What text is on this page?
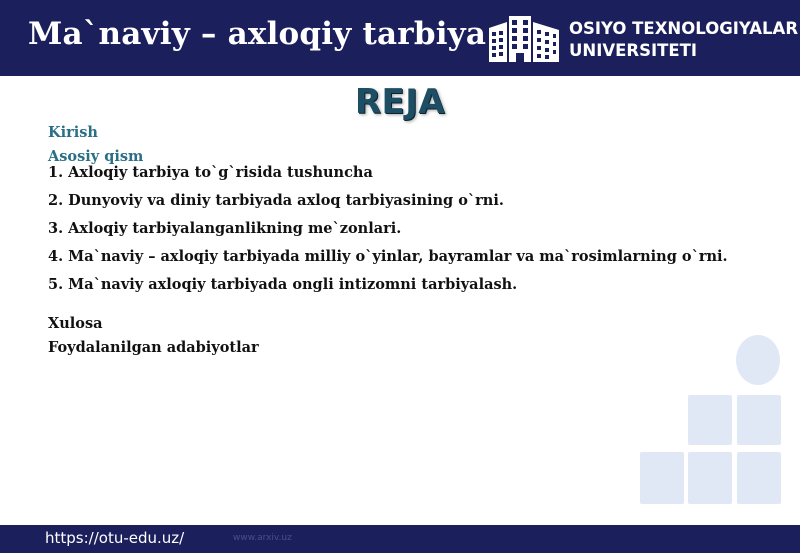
Ma`naviy – axloqiy tarbiya	OSIYO TEXNOLOGIYALAR
UNIVERSITETI
REJA
Kirish
Asosiy qism
1. Axloqiy tarbiya to`g`risida tushuncha
2. Dunyoviy va diniy tarbiyada axloq tarbiyasining o`rni.
3. Axloqiy tarbiyalanganlikning me`zonlari.
4. Ma`naviy – axloqiy tarbiyada milliy o`yinlar, bayramlar va ma`rosimlarning o`rni.
5. Ma`naviy axloqiy tarbiyada ongli intizomni tarbiyalash.
Xulosa
Foydalanilgan adabiyotlar
https://otu-edu.uz/	www.arxiv.uz
